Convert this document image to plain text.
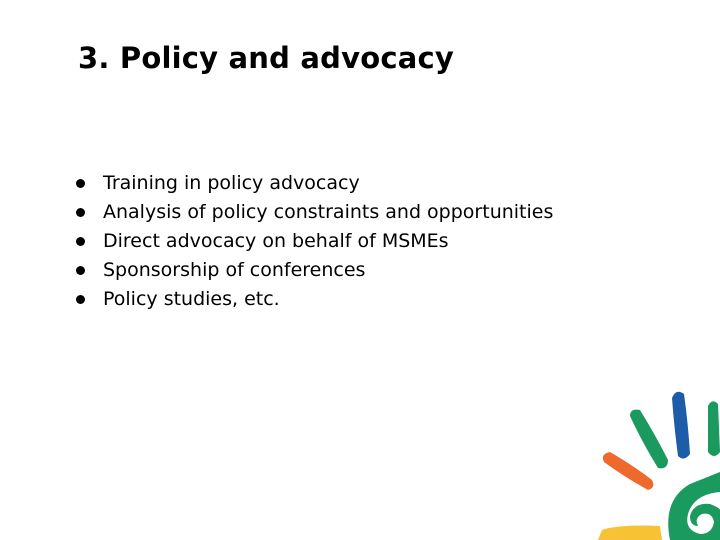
3. Policy and advocacy
Training in policy advocacy
Analysis of policy constraints and opportunities
Direct advocacy on behalf of MSMEs
Sponsorship of conferences
Policy studies, etc.
